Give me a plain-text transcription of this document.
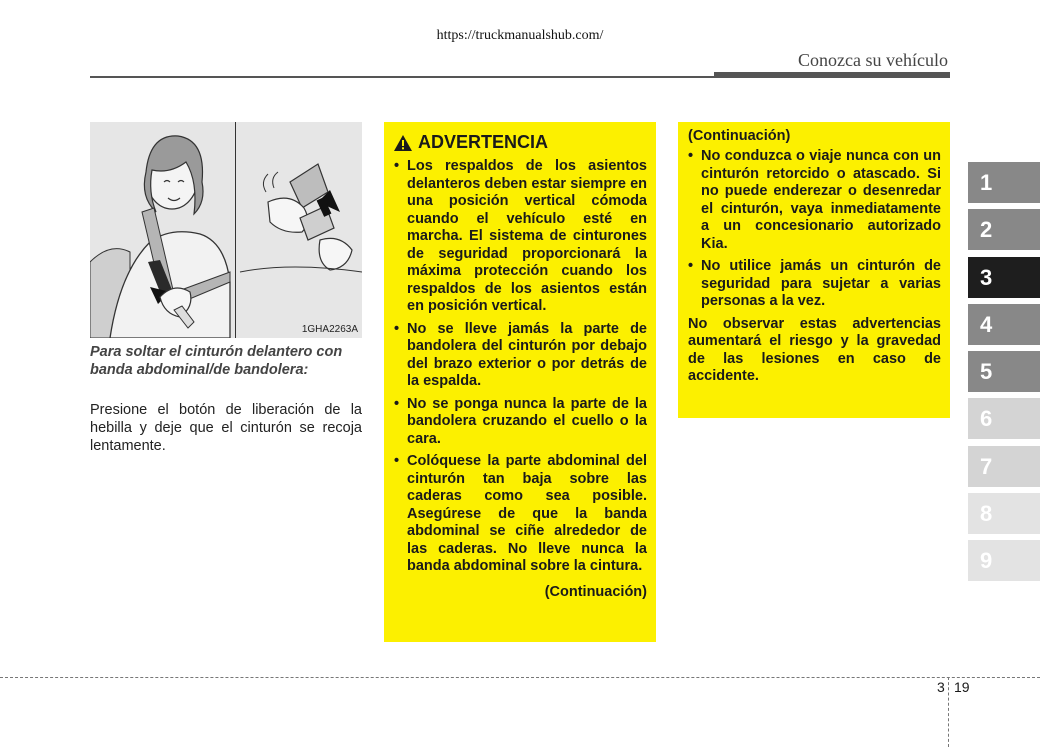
https://truckmanualshub.com/
Conozca su vehículo
1GHA2263A
Para soltar el cinturón delantero con banda abdominal/de bandolera:
Presione el botón de liberación de la hebilla y deje que el cinturón se recoja lentamente.
ADVERTENCIA
• Los respaldos de los asientos delanteros deben estar siempre en una posición vertical cómoda cuando el vehículo esté en marcha. El sistema de cinturones de seguridad proporcionará la máxima protección cuando los respaldos de los asientos están en posición vertical.
• No se lleve jamás la parte de bandolera del cinturón por debajo del brazo exterior o por detrás de la espalda.
• No se ponga nunca la parte de la bandolera cruzando el cuello o la cara.
• Colóquese la parte abdominal del cinturón tan baja sobre las caderas como sea posible. Asegúrese de que la banda abdominal se ciñe alrededor de las caderas. No lleve nunca la banda abdominal sobre la cintura.
(Continuación)
(Continuación)
• No conduzca o viaje nunca con un cinturón retorcido o atascado. Si no puede enderezar o desenredar el cinturón, vaya inmediatamente a un concesionario autorizado Kia.
• No utilice jamás un cinturón de seguridad para sujetar a varias personas a la vez.

No observar estas advertencias aumentará el riesgo y la gravedad de las lesiones en caso de accidente.

1
2
3
4
5
6
7
8
9
3 19
